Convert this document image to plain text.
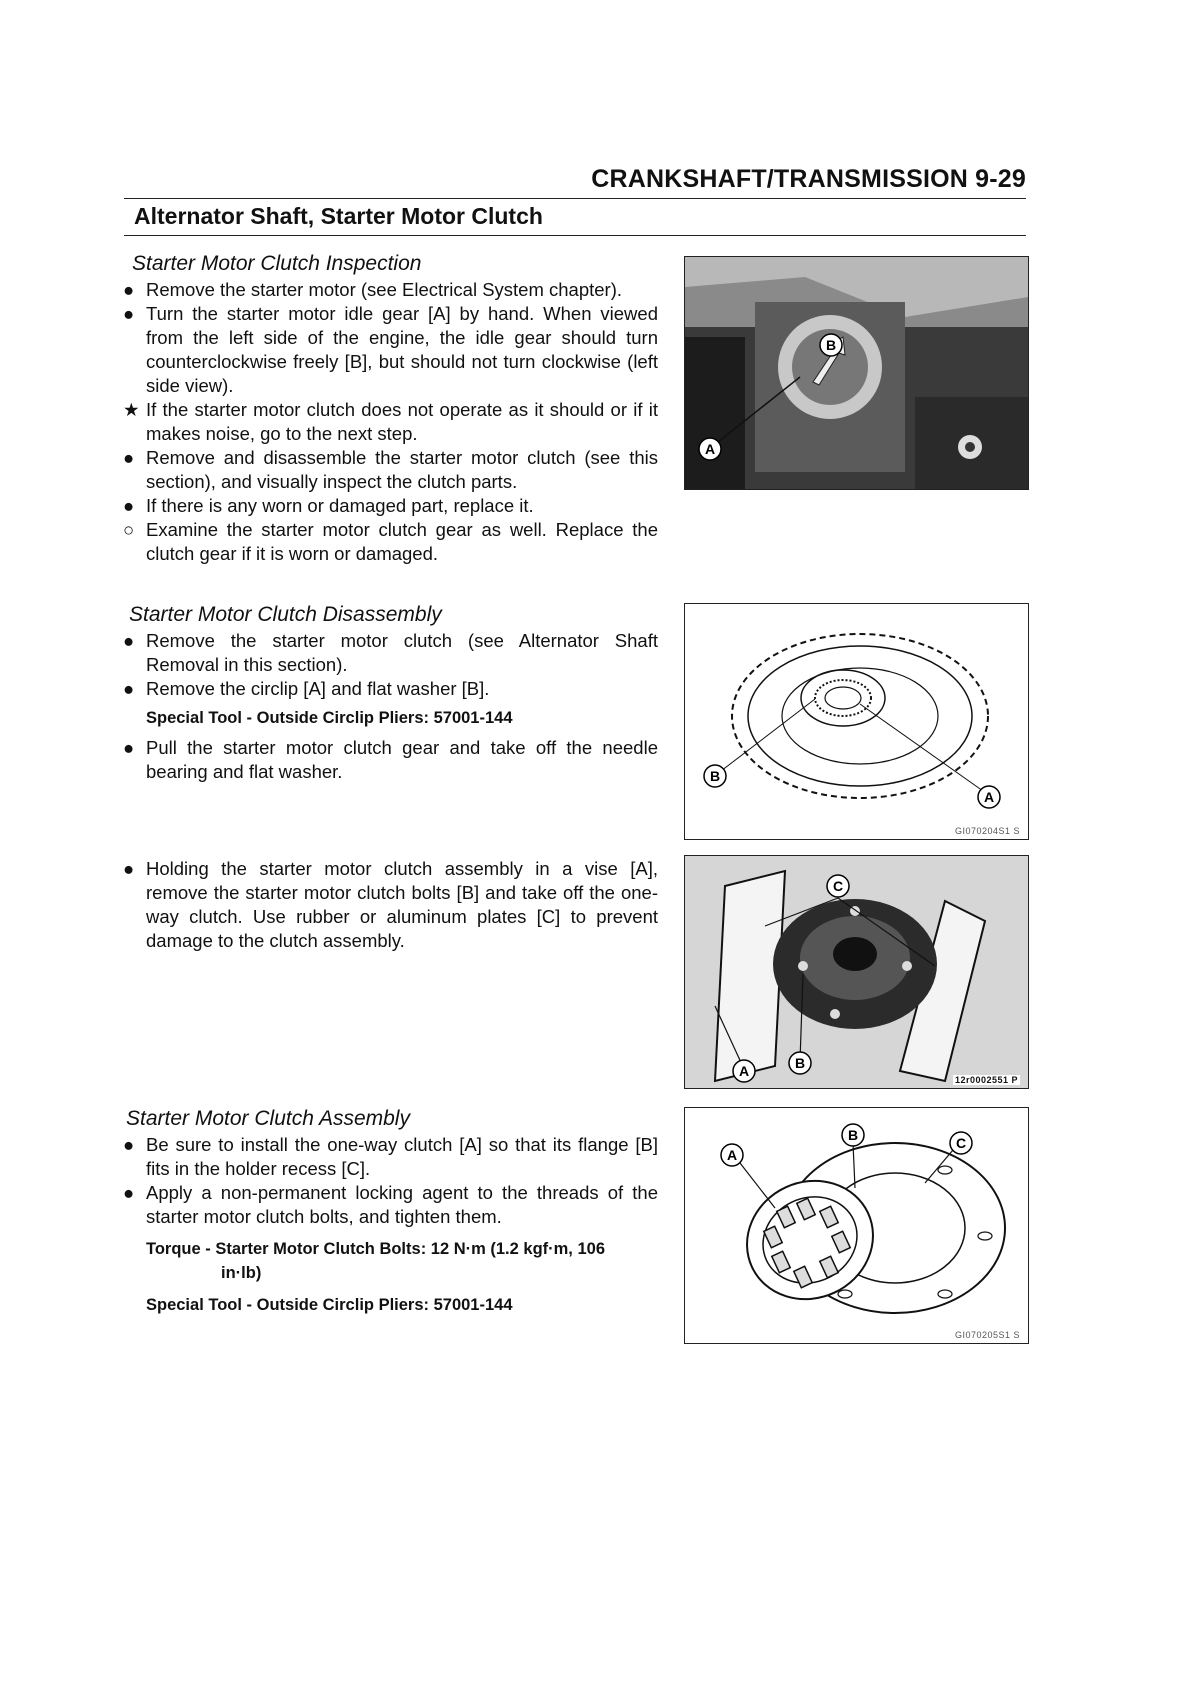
CRANKSHAFT/TRANSMISSION 9-29
Alternator Shaft, Starter Motor Clutch
Starter Motor Clutch Inspection
● Remove the starter motor (see Electrical System chapter).
● Turn the starter motor idle gear [A] by hand. When viewed from the left side of the engine, the idle gear should turn counterclockwise freely [B], but should not turn clockwise (left side view).
★ If the starter motor clutch does not operate as it should or if it makes noise, go to the next step.
● Remove and disassemble the starter motor clutch (see this section), and visually inspect the clutch parts.
● If there is any worn or damaged part, replace it.
○ Examine the starter motor clutch gear as well. Replace the clutch gear if it is worn or damaged.
Starter Motor Clutch Disassembly
● Remove the starter motor clutch (see Alternator Shaft Removal in this section).
● Remove the circlip [A] and flat washer [B].
Special Tool - Outside Circlip Pliers: 57001-144
● Pull the starter motor clutch gear and take off the needle bearing and flat washer.
● Holding the starter motor clutch assembly in a vise [A], remove the starter motor clutch bolts [B] and take off the one-way clutch. Use rubber or aluminum plates [C] to prevent damage to the clutch assembly.
Starter Motor Clutch Assembly
● Be sure to install the one-way clutch [A] so that its flange [B] fits in the holder recess [C].
● Apply a non-permanent locking agent to the threads of the starter motor clutch bolts, and tighten them.
Torque - Starter Motor Clutch Bolts: 12 N·m (1.2 kgf·m, 106
in·lb)
Special Tool - Outside Circlip Pliers: 57001-144
A
B
B
A
GI070204S1 S
C
A	B
12r0002551 P
A
B	C
GI070205S1 S
